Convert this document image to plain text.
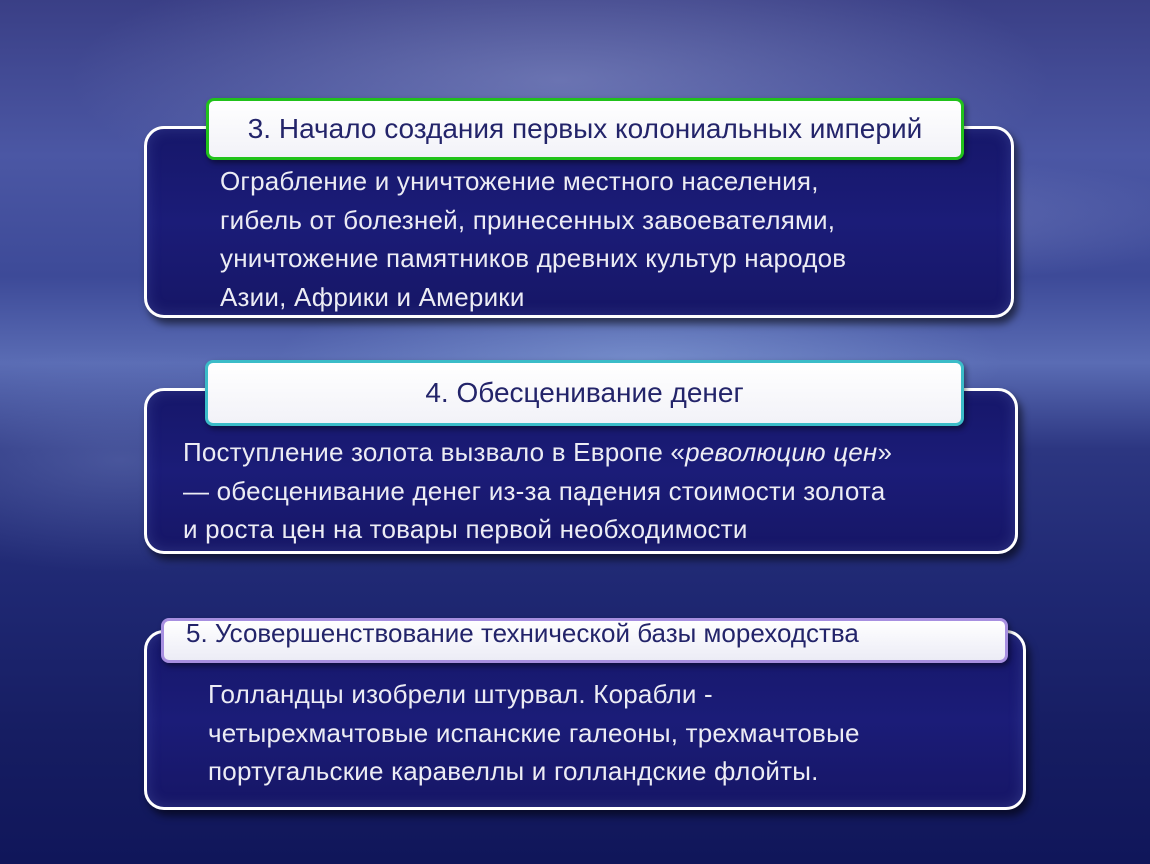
Ограбление и уничтожение местного населения,
гибель от болезней, принесенных завоевателями,
уничтожение памятников древних культур народов
Азии, Африки и Америки
3. Начало создания первых колониальных империй
Поступление золота вызвало в Европе «революцию цен»
— обесценивание денег из-за падения стоимости золота
и роста цен на товары первой необходимости
4. Обесценивание денег
Голландцы изобрели штурвал. Корабли -
четырехмачтовые испанские галеоны, трехмачтовые
португальские каравеллы и голландские флойты.
5. Усовершенствование технической базы мореходства
